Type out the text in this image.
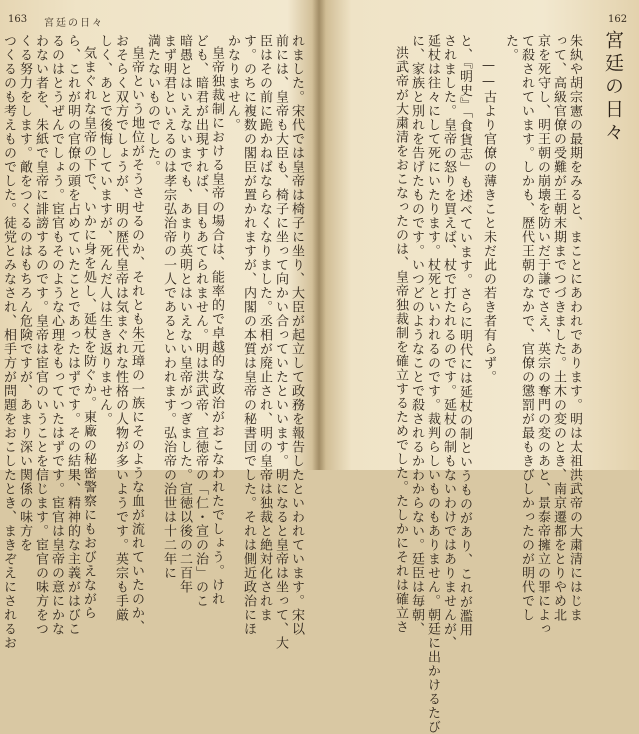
163 宮廷の日々
れました。宋代では皇帝は椅子に坐り、大臣が起立して政務を報告したといわれています。宋以
前には、皇帝も大臣も、椅子に坐って向かい合っていたといいます。明になると皇帝は坐って、大
臣はその前に跪かねばならなくなりました。丞相が廃止され、明の皇帝は独裁と絶対化されま
す。のちに複数の閣臣が置かれますが、内閣の本質は皇帝の秘書団でした。それは側近政治にほ
かなりません。
皇帝独裁制における皇帝の場合は、能率的で卓越的な政治がおこなわれたでしょう。けれ
ども、暗君が出現すれば、目もあてられません。明は洪武帝、宣徳帝の「仁・宣の治」のこ
暗愚とはいえないまでも、あまり英明とはいえない皇帝がつぎました。宣徳以後の二百年
まず明君といえるのは孝宗弘治帝の一人であるといわれます。弘治帝の治世は十二年に
満たないものでした。
皇帝という地位がそうさせるのか、それとも朱元璋の一族にそのような血が流れていたのか、
おそらく双方でしょうが、明の歴代皇帝は気まぐれな性格の人物が多いようです。英宗も手厳
しく、あとで後悔していますが、死んだ人は生き返りません。
気まぐれな皇帝の下で、いかに身を処し、延杖を防ぐか。東廠の秘密警察にもおびえながら
ら、これが明の官僚の頭を占めていたことであったはずです。その結果、精神的な主義がはびこ
るのはとうぜんでしょう。宦官もそのような心理をもっていたはずです。宦官は皇帝の意にかな
わない者を、朱紙で皇帝に誹謗するのです。皇帝は宦官のいうことを信じます。宦官の味方をつ
くる努力をします。敵をつくるのはもちろん危険ですが、あまり深い関係の味方を
つくるのも考えものでした。徒党とみなされ、相手方が問題をおこしたとき、まきぞえにされるお
162
宮廷の日々
朱紈や胡宗憲の最期をみると、まことにあわれであります。明は太祖洪武帝の大粛清にはじま
って、高級官僚の受難が王朝末期までつづきました。土木の変のとき、南京遷都をとりやめ北
京を死守し、明王朝の崩壊を防いだ于謙でさえ、英宗の奪門の変のあと、景泰帝擁立の罪によっ
て殺されています。しかも、歴代王朝のなかで、官僚の懲罰が最もきびしかったのが明代でし
た。
——古より官僚の薄きこと未だ此の若き者有らず。
と、『明史』「食貨志」も述べています。さらに明代には延杖の制というものがあり、これが濫用
されました。皇帝の怒りを買えば、杖で打たれるのです。延杖の制もないわけではありませんが、
延杖は往々にして死にいたります。杖死といわれるのです。裁判らしいものもありません。朝廷に出かけるたび
に、家族と別れを告げたものです。いつどのようなことで殺されるかわからない。廷臣は毎朝、
洪武帝が大粛清をおこなったのは、皇帝独裁制を確立するためでした。たしかにそれは確立さ
